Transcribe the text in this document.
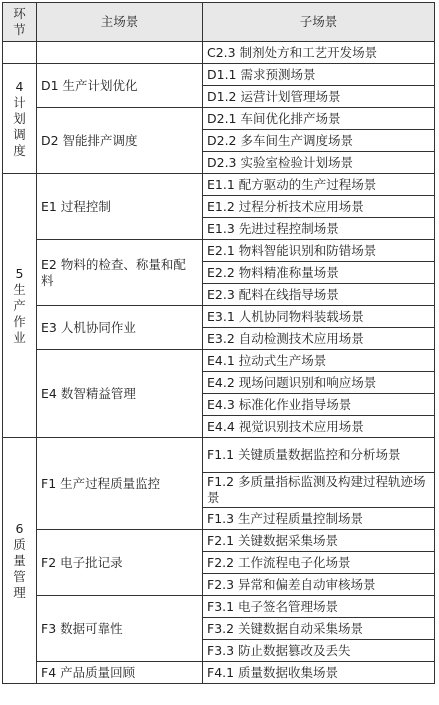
环
节	主场景	子场景
		C2.3 制剂处方和工艺开发场景

4
计
划
调
度	D1 生产计划优化	D1.1 需求预测场景
		D1.2 运营计划管理场景
	D2 智能排产调度	D2.1 车间优化排产场景
		D2.2 多车间生产调度场景
		D2.3 实验室检验计划场景

5
生
产
作
业	E1 过程控制	E1.1 配方驱动的生产过程场景
		E1.2 过程分析技术应用场景
		E1.3 先进过程控制场景
	E2 物料的检查、称量和配料	E2.1 物料智能识别和防错场景
		E2.2 物料精准称量场景
		E2.3 配料在线指导场景
	E3 人机协同作业	E3.1 人机协同物料装载场景
		E3.2 自动检测技术应用场景
	E4 数智精益管理	E4.1 拉动式生产场景
		E4.2 现场问题识别和响应场景
		E4.3 标准化作业指导场景
		E4.4 视觉识别技术应用场景

6
质
量
管
理	F1 生产过程质量监控	F1.1 关键质量数据监控和分析场景
		F1.2 多质量指标监测及构建过程轨迹场景
		F1.3 生产过程质量控制场景
	F2 电子批记录	F2.1 关键数据采集场景
		F2.2 工作流程电子化场景
		F2.3 异常和偏差自动审核场景
	F3 数据可靠性	F3.1 电子签名管理场景
		F3.2 关键数据自动采集场景
		F3.3 防止数据篡改及丢失
	F4 产品质量回顾	F4.1 质量数据收集场景
